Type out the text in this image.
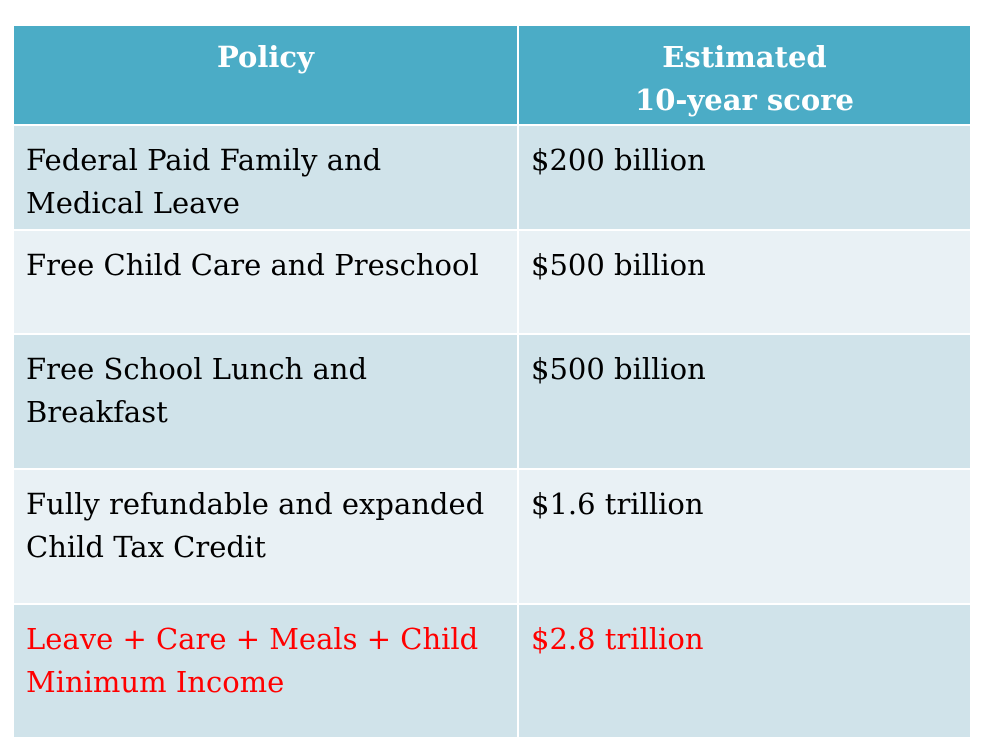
Policy	Estimated
10-year score

Federal Paid Family and Medical Leave	$200 billion

Free Child Care and Preschool	$500 billion

Free School Lunch and Breakfast	$500 billion

Fully refundable and expanded Child Tax Credit	$1.6 trillion

Leave + Care + Meals + Child Minimum Income	$2.8 trillion
